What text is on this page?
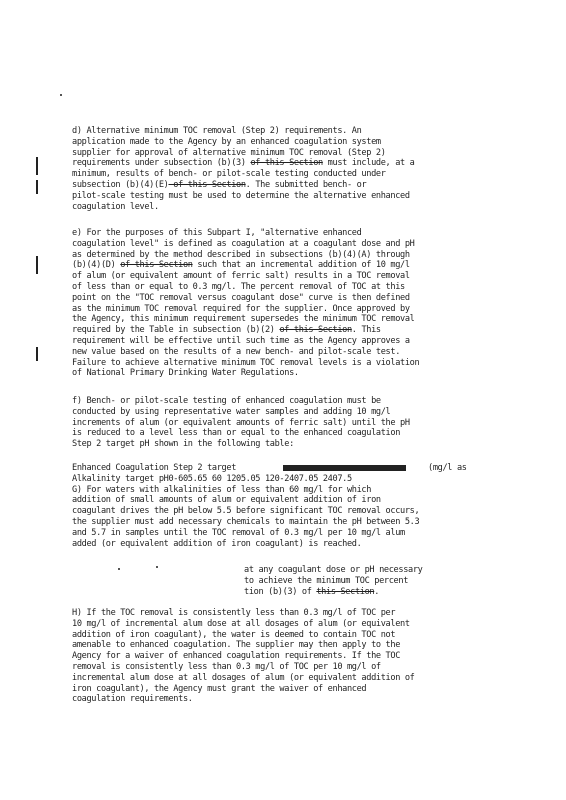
d) Alternative minimum TOC removal (Step 2) requirements. An
application made to the Agency by an enhanced coagulation system
supplier for approval of alternative minimum TOC removal (Step 2)
requirements under subsection (b)(3) of this Section must include, at a
minimum, results of bench- or pilot-scale testing conducted under
subsection (b)(4)(E) of this Section. The submitted bench- or
pilot-scale testing must be used to determine the alternative enhanced
coagulation level.
e) For the purposes of this Subpart I, "alternative enhanced
coagulation level" is defined as coagulation at a coagulant dose and pH
as determined by the method described in subsections (b)(4)(A) through
(b)(4)(D) of this Section such that an incremental addition of 10 mg/l
of alum (or equivalent amount of ferric salt) results in a TOC removal
of less than or equal to 0.3 mg/l. The percent removal of TOC at this
point on the "TOC removal versus coagulant dose" curve is then defined
as the minimum TOC removal required for the supplier. Once approved by
the Agency, this minimum requirement supersedes the minimum TOC removal
required by the Table in subsection (b)(2) of this Section. This
requirement will be effective until such time as the Agency approves a
new value based on the results of a new bench- and pilot-scale test.
Failure to achieve alternative minimum TOC removal levels is a violation
of National Primary Drinking Water Regulations.
f) Bench- or pilot-scale testing of enhanced coagulation must be
conducted by using representative water samples and adding 10 mg/l
increments of alum (or equivalent amounts of ferric salt) until the pH
is reduced to a level less than or equal to the enhanced coagulation
Step 2 target pH shown in the following table:
Enhanced Coagulation Step 2 target
Alkalinity target pH0-605.65 60 1205.05 120-2407.05 2407.5
G) For waters with alkalinities of less than 60 mg/l for which
addition of small amounts of alum or equivalent addition of iron
coagulant drives the pH below 5.5 before significant TOC removal occurs,
the supplier must add necessary chemicals to maintain the pH between 5.3
and 5.7 in samples until the TOC removal of 0.3 mg/l per 10 mg/l alum
added (or equivalent addition of iron coagulant) is reached.
(mg/l as
at any coagulant dose or pH necessary
to achieve the minimum TOC percent
tion (b)(3) of this Section.
H) If the TOC removal is consistently less than 0.3 mg/l of TOC per
10 mg/l of incremental alum dose at all dosages of alum (or equivalent
addition of iron coagulant), the water is deemed to contain TOC not
amenable to enhanced coagulation. The supplier may then apply to the
Agency for a waiver of enhanced coagulation requirements. If the TOC
removal is consistently less than 0.3 mg/l of TOC per 10 mg/l of
incremental alum dose at all dosages of alum (or equivalent addition of
iron coagulant), the Agency must grant the waiver of enhanced
coagulation requirements.
